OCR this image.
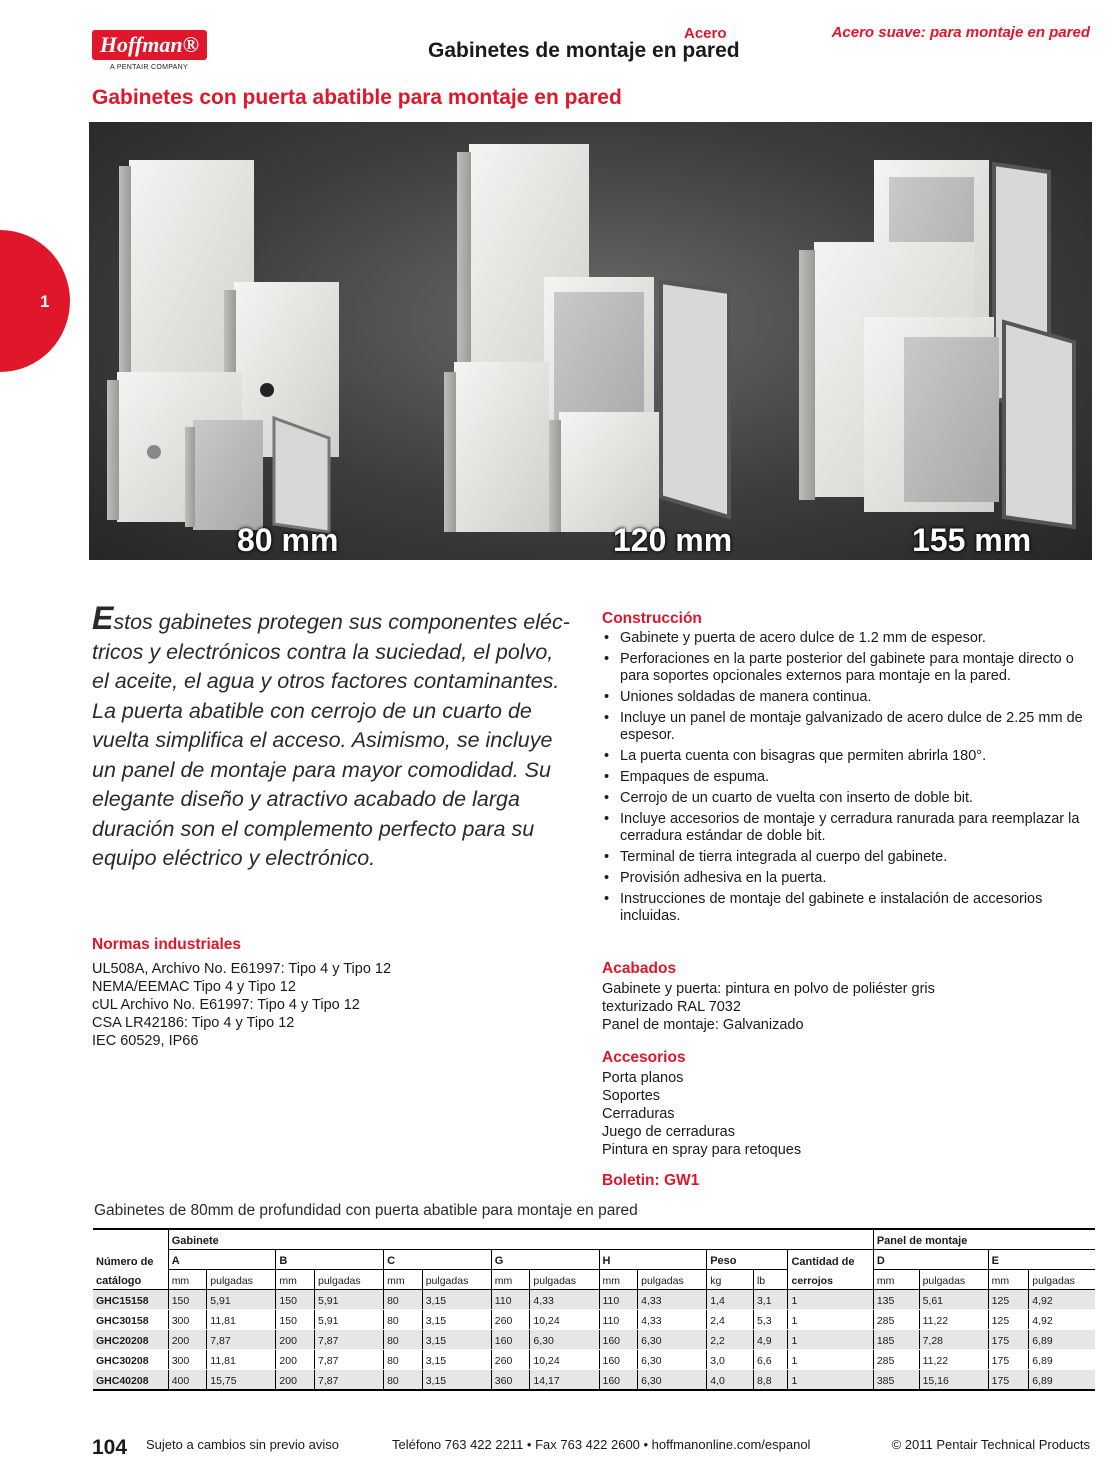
Hoffman®
A PENTAIR COMPANY
Acero
Gabinetes de montaje en pared
Acero suave: para montaje en pared
Gabinetes con puerta abatible para montaje en pared
1
80 mm	120 mm	155 mm
Estos gabinetes protegen sus componentes eléc-tricos y electrónicos contra la suciedad, el polvo, el aceite, el agua y otros factores contaminantes. La puerta abatible con cerrojo de un cuarto de vuelta simplifica el acceso. Asimismo, se incluye un panel de montaje para mayor comodidad. Su elegante diseño y atractivo acabado de larga duración son el complemento perfecto para su equipo eléctrico y electrónico.
Normas industriales
UL508A, Archivo No. E61997: Tipo 4 y Tipo 12
NEMA/EEMAC Tipo 4 y Tipo 12
cUL Archivo No. E61997: Tipo 4 y Tipo 12
CSA LR42186: Tipo 4 y Tipo 12
IEC 60529, IP66
Construcción
• Gabinete y puerta de acero dulce de 1.2 mm de espesor.
• Perforaciones en la parte posterior del gabinete para montaje directo o para soportes opcionales externos para montaje en la pared.
• Uniones soldadas de manera continua.
• Incluye un panel de montaje galvanizado de acero dulce de 2.25 mm de espesor.
• La puerta cuenta con bisagras que permiten abrirla 180°.
• Empaques de espuma.
• Cerrojo de un cuarto de vuelta con inserto de doble bit.
• Incluye accesorios de montaje y cerradura ranurada para reemplazar la cerradura estándar de doble bit.
• Terminal de tierra integrada al cuerpo del gabinete.
• Provisión adhesiva en la puerta.
• Instrucciones de montaje del gabinete e instalación de accesorios incluidas.
Acabados
Gabinete y puerta: pintura en polvo de poliéster gris
texturizado RAL 7032
Panel de montaje: Galvanizado
Accesorios
Porta planos
Soportes
Cerraduras
Juego de cerraduras
Pintura en spray para retoques
Boletin: GW1
Gabinetes de 80mm de profundidad con puerta abatible para montaje en pared
	Gabinete													Panel de montaje			
Número de	A		B		C		G		H		Peso		Cantidad de	D		E	
catálogo	mm	pulgadas	mm	pulgadas	mm	pulgadas	mm	pulgadas	mm	pulgadas	kg	lb	cerrojos	mm	pulgadas	mm	pulgadas
GHC15158	150	5,91	150	5,91	80	3,15	110	4,33	110	4,33	1,4	3,1	1	135	5,61	125	4,92
GHC30158	300	11,81	150	5,91	80	3,15	260	10,24	110	4,33	2,4	5,3	1	285	11,22	125	4,92
GHC20208	200	7,87	200	7,87	80	3,15	160	6,30	160	6,30	2,2	4,9	1	185	7,28	175	6,89
GHC30208	300	11,81	200	7,87	80	3,15	260	10,24	160	6,30	3,0	6,6	1	285	11,22	175	6,89
GHC40208	400	15,75	200	7,87	80	3,15	360	14,17	160	6,30	4,0	8,8	1	385	15,16	175	6,89
104 Sujeto a cambios sin previo aviso	Teléfono 763 422 2211 • Fax 763 422 2600 • hoffmanonline.com/espanol	© 2011 Pentair Technical Products
